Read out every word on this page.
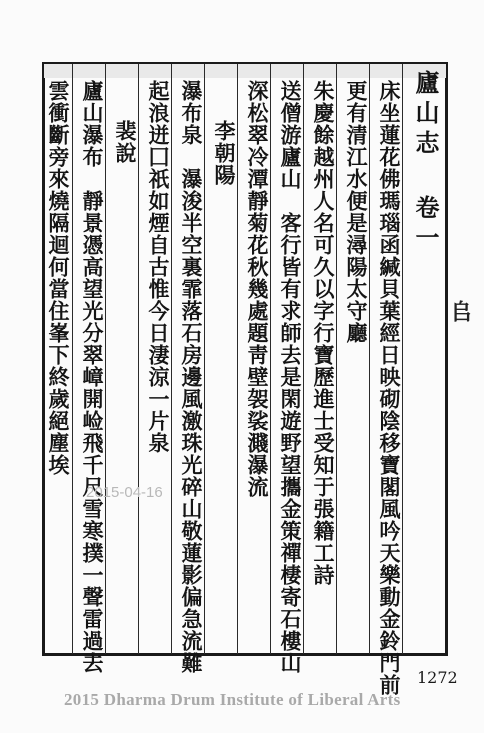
廬山志 卷一
床坐蓮花佛瑪瑙函緘貝葉經日映砌陰移寶閣風吟天樂動金鈴門前
更有清江水便是潯陽太守廳
朱慶餘越州人名可久以字行寶歷進士受知于張籍工詩
送僧游廬山　客行皆有求師去是閑遊野望攜金策禪棲寄石樓山
深松翠冷潭靜菊花秋幾處題靑壁袈裟濺瀑流
李朝陽
瀑布泉　瀑浚半空裏霏落石房邊風激珠光碎山敬蓮影偏急流難
起浪迸囗祇如煙自古惟今日淒涼一片泉
裴說
廬山瀑布　靜景憑高望光分翠嶂開崄飛千尺雪寒撲一聲雷過去
雲衝斷旁來燒隔迴何當住峯下終歲絕塵埃	𠂤
1272
2015-04-16
2015 Dharma Drum Institute of Liberal Arts
